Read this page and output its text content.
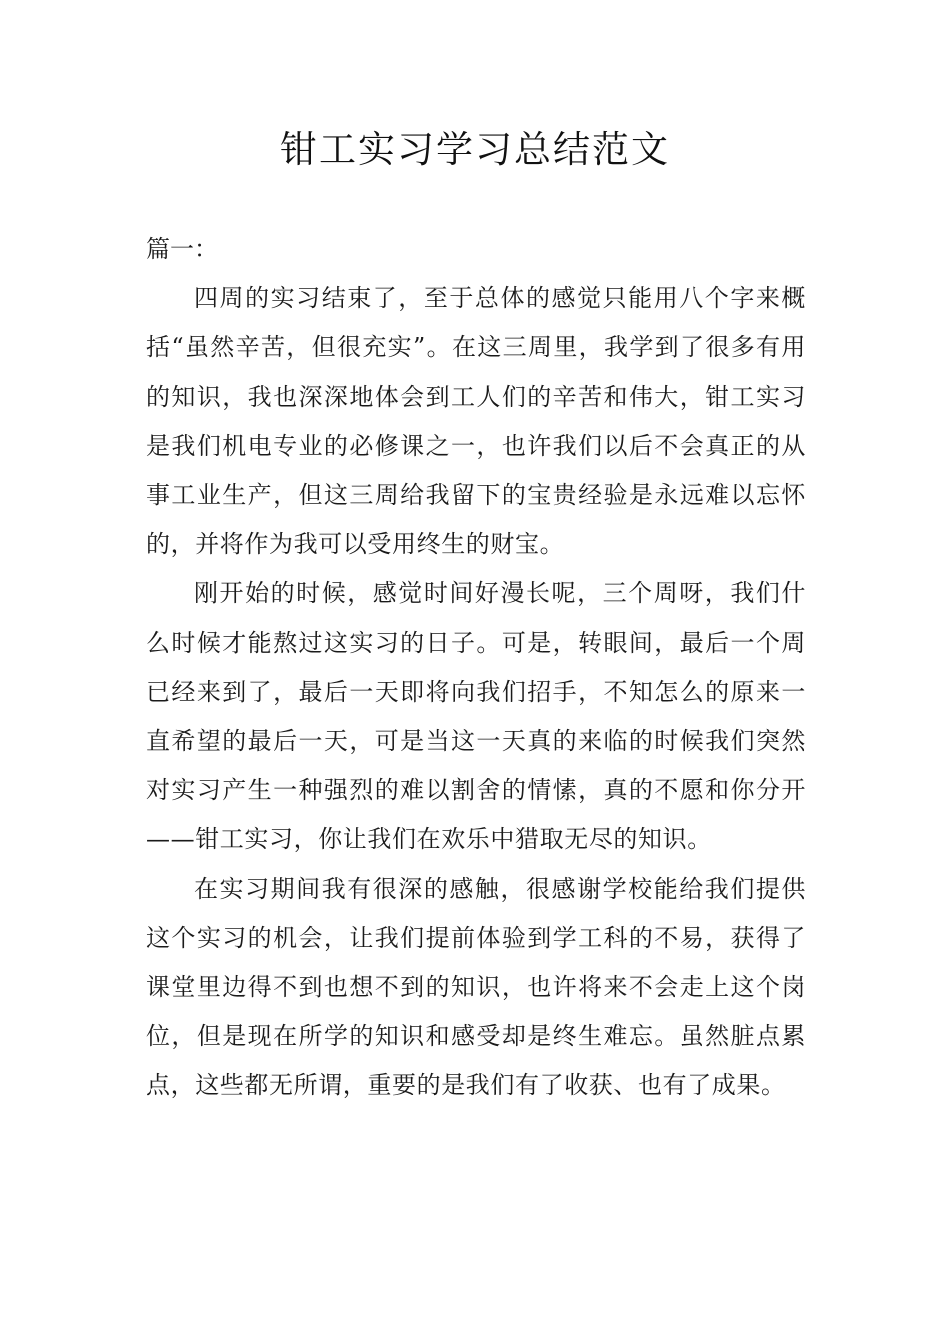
钳工实习学习总结范文

篇一：

四周的实习结束了，至于总体的感觉只能用八个字来概括“虽然辛苦，但很充实”。在这三周里，我学到了很多有用的知识，我也深深地体会到工人们的辛苦和伟大，钳工实习是我们机电专业的必修课之一，也许我们以后不会真正的从事工业生产，但这三周给我留下的宝贵经验是永远难以忘怀的，并将作为我可以受用终生的财宝。

刚开始的时候，感觉时间好漫长呢，三个周呀，我们什么时候才能熬过这实习的日子。可是，转眼间，最后一个周已经来到了，最后一天即将向我们招手，不知怎么的原来一直希望的最后一天，可是当这一天真的来临的时候我们突然对实习产生一种强烈的难以割舍的情愫，真的不愿和你分开——钳工实习，你让我们在欢乐中猎取无尽的知识。

在实习期间我有很深的感触，很感谢学校能给我们提供这个实习的机会，让我们提前体验到学工科的不易，获得了课堂里边得不到也想不到的知识，也许将来不会走上这个岗位，但是现在所学的知识和感受却是终生难忘。虽然脏点累点，这些都无所谓，重要的是我们有了收获、也有了成果。
